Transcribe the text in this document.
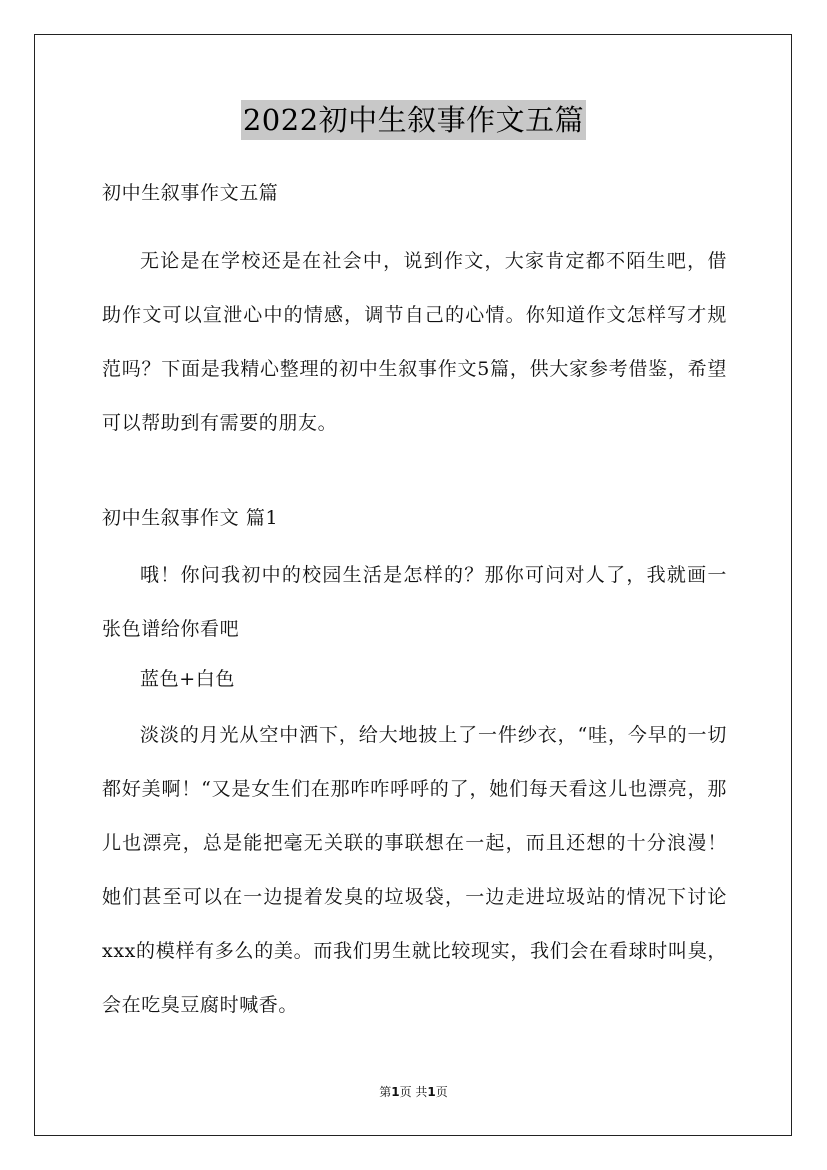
2022初中生叙事作文五篇
初中生叙事作文五篇
无论是在学校还是在社会中，说到作文，大家肯定都不陌生吧，借助作文可以宣泄心中的情感，调节自己的心情。你知道作文怎样写才规范吗？下面是我精心整理的初中生叙事作文5篇，供大家参考借鉴，希望可以帮助到有需要的朋友。
初中生叙事作文 篇1
哦！你问我初中的校园生活是怎样的？那你可问对人了，我就画一张色谱给你看吧
蓝色+白色
淡淡的月光从空中洒下，给大地披上了一件纱衣，“哇，今早的一切都好美啊！“又是女生们在那咋咋呼呼的了，她们每天看这儿也漂亮，那儿也漂亮，总是能把毫无关联的事联想在一起，而且还想的十分浪漫！她们甚至可以在一边提着发臭的垃圾袋，一边走进垃圾站的情况下讨论xxx的模样有多么的美。而我们男生就比较现实，我们会在看球时叫臭，会在吃臭豆腐时喊香。
第1页 共1页
